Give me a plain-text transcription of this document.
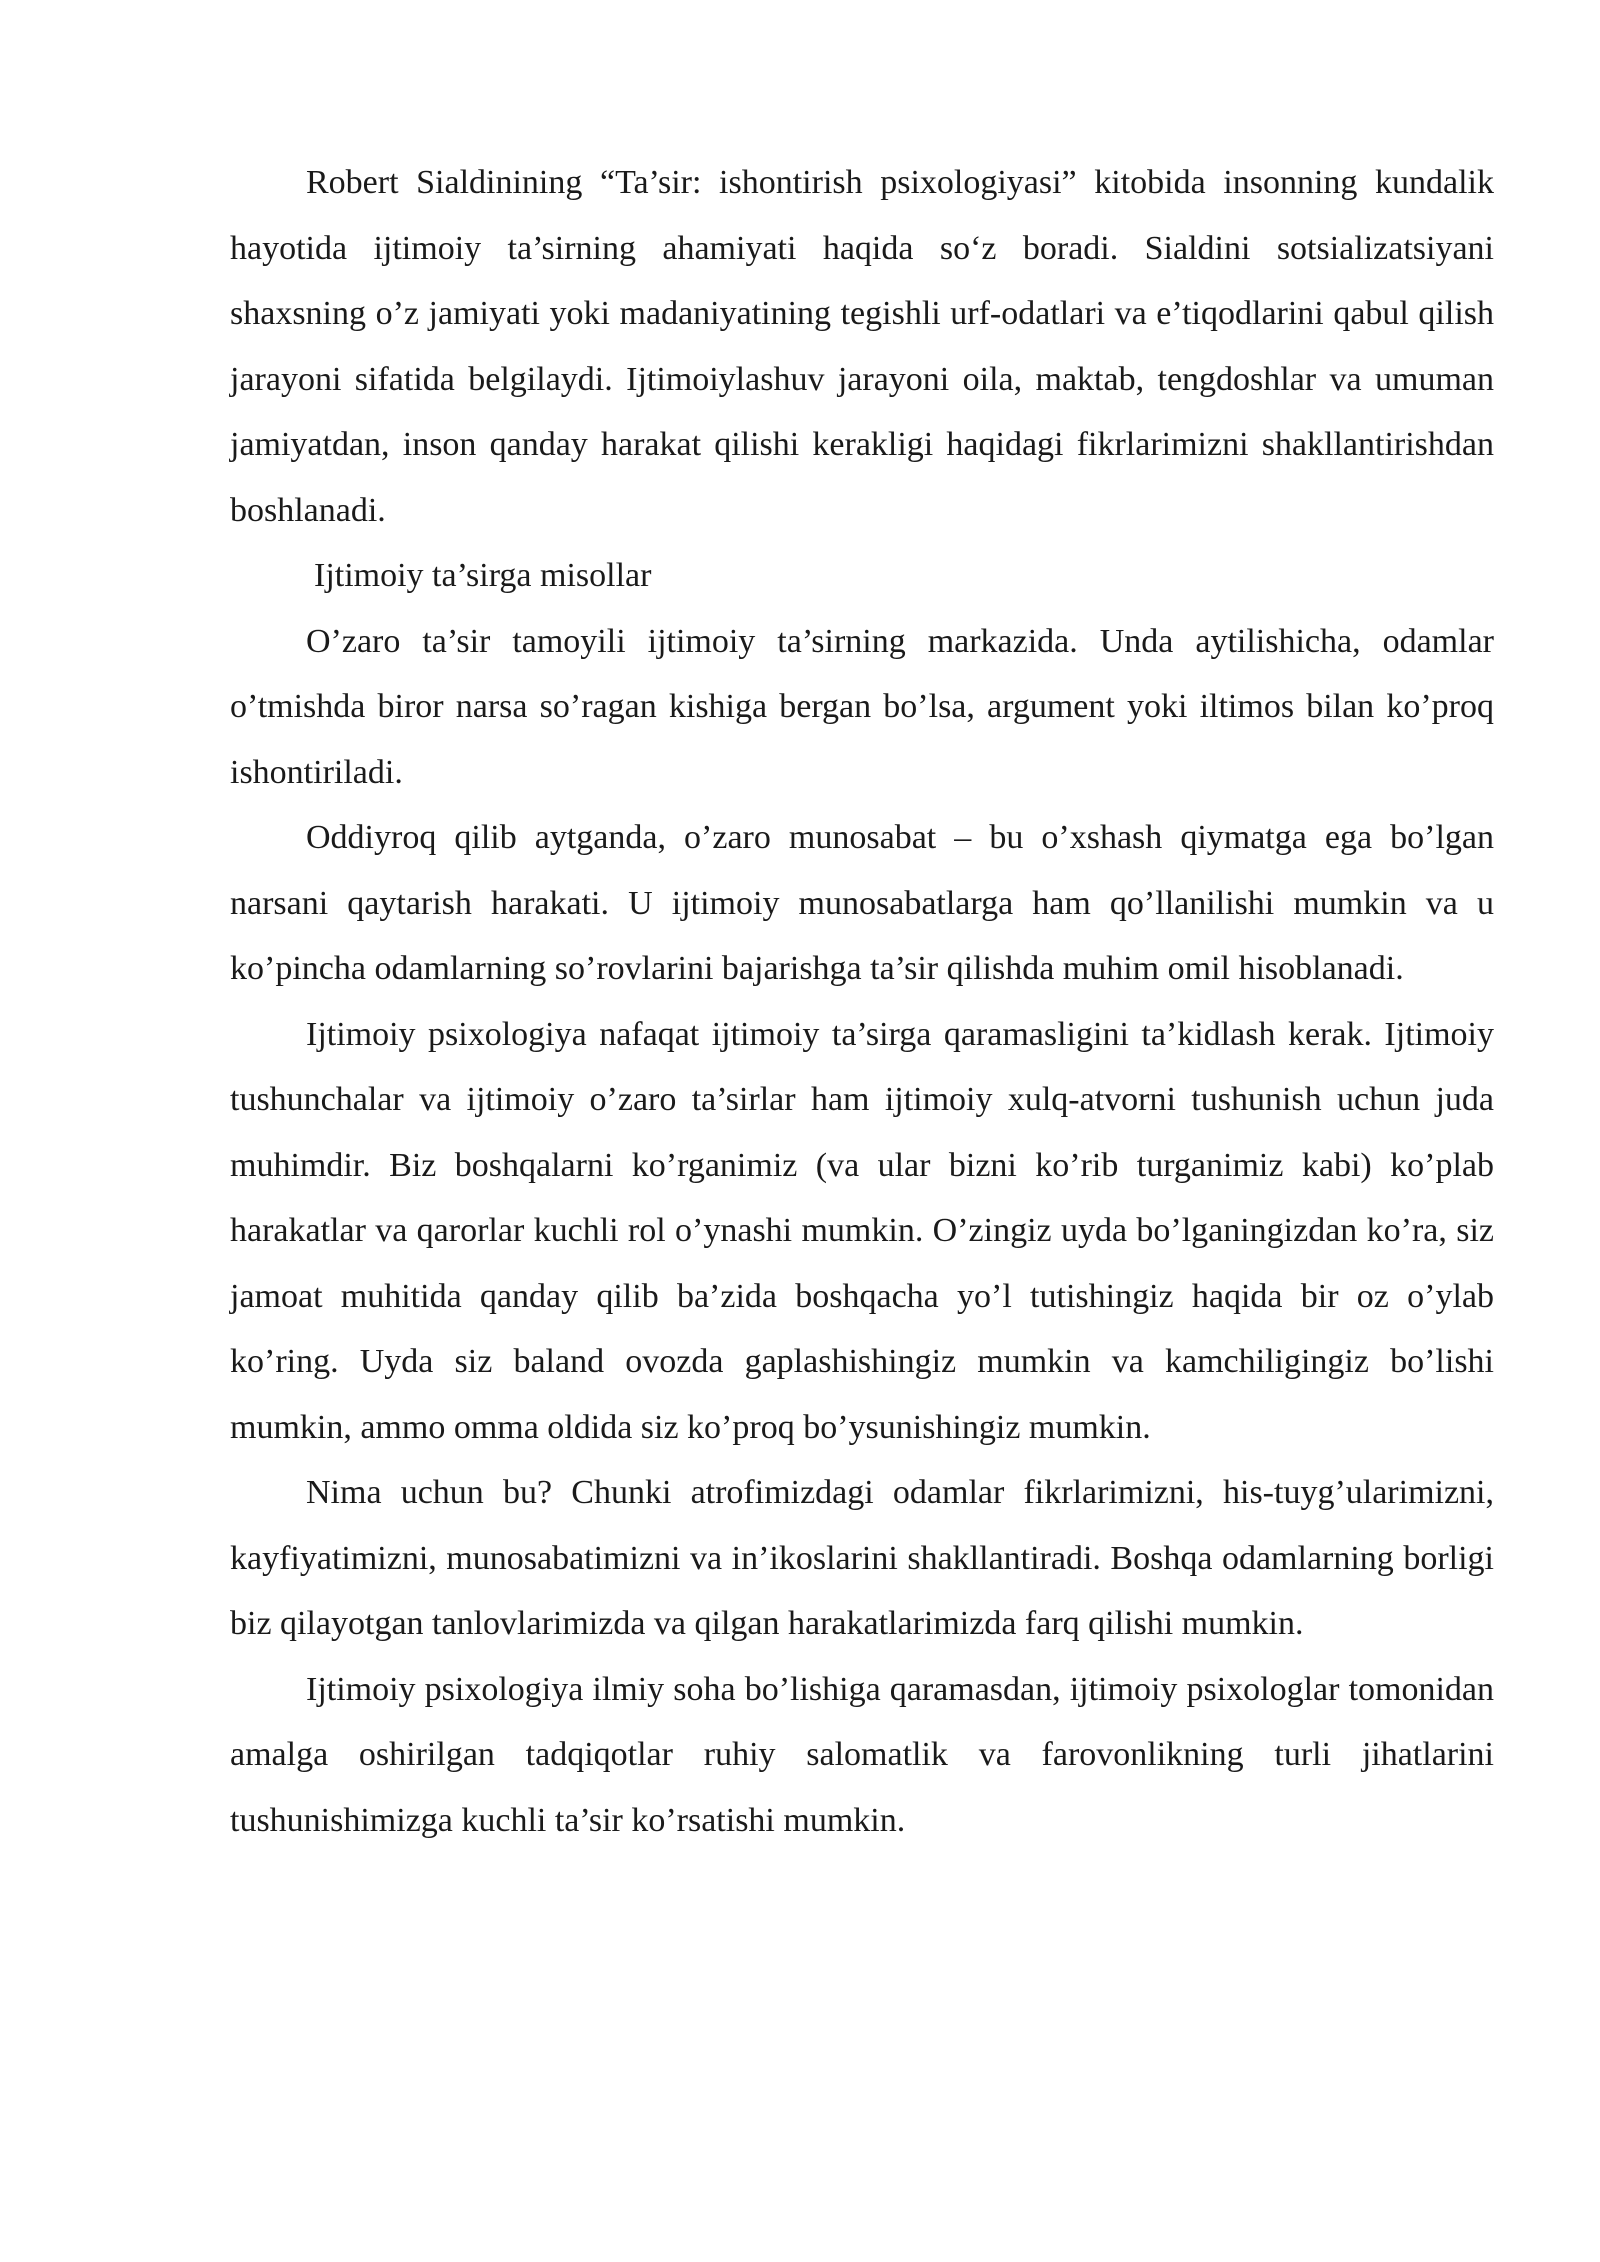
Robert Sialdinining “Ta’sir: ishontirish psixologiyasi” kitobida insonning kundalik hayotida ijtimoiy ta’sirning ahamiyati haqida so‘z boradi. Sialdini sotsializatsiyani shaxsning o’z jamiyati yoki madaniyatining tegishli urf-odatlari va e’tiqodlarini qabul qilish jarayoni sifatida belgilaydi. Ijtimoiylashuv jarayoni oila, maktab, tengdoshlar va umuman jamiyatdan, inson qanday harakat qilishi kerakligi haqidagi fikrlarimizni shakllantirishdan boshlanadi.

Ijtimoiy ta’sirga misollar

O’zaro ta’sir tamoyili ijtimoiy ta’sirning markazida. Unda aytilishicha, odamlar o’tmishda biror narsa so’ragan kishiga bergan bo’lsa, argument yoki iltimos bilan ko’proq ishontiriladi.

Oddiyroq qilib aytganda, o’zaro munosabat – bu o’xshash qiymatga ega bo’lgan narsani qaytarish harakati. U ijtimoiy munosabatlarga ham qo’llanilishi mumkin va u ko’pincha odamlarning so’rovlarini bajarishga ta’sir qilishda muhim omil hisoblanadi.

Ijtimoiy psixologiya nafaqat ijtimoiy ta’sirga qaramasligini ta’kidlash kerak. Ijtimoiy tushunchalar va ijtimoiy o’zaro ta’sirlar ham ijtimoiy xulq-atvorni tushunish uchun juda muhimdir. Biz boshqalarni ko’rganimiz (va ular bizni ko’rib turganimiz kabi) ko’plab harakatlar va qarorlar kuchli rol o’ynashi mumkin. O’zingiz uyda bo’lganingizdan ko’ra, siz jamoat muhitida qanday qilib ba’zida boshqacha yo’l tutishingiz haqida bir oz o’ylab ko’ring. Uyda siz baland ovozda gaplashishingiz mumkin va kamchiligingiz bo’lishi mumkin, ammo omma oldida siz ko’proq bo’ysunishingiz mumkin.

Nima uchun bu? Chunki atrofimizdagi odamlar fikrlarimizni, his-tuyg’ularimizni, kayfiyatimizni, munosabatimizni va in’ikoslarini shakllantiradi. Boshqa odamlarning borligi biz qilayotgan tanlovlarimizda va qilgan harakatlarimizda farq qilishi mumkin.

Ijtimoiy psixologiya ilmiy soha bo’lishiga qaramasdan, ijtimoiy psixologlar tomonidan amalga oshirilgan tadqiqotlar ruhiy salomatlik va farovonlikning turli jihatlarini tushunishimizga kuchli ta’sir ko’rsatishi mumkin.
